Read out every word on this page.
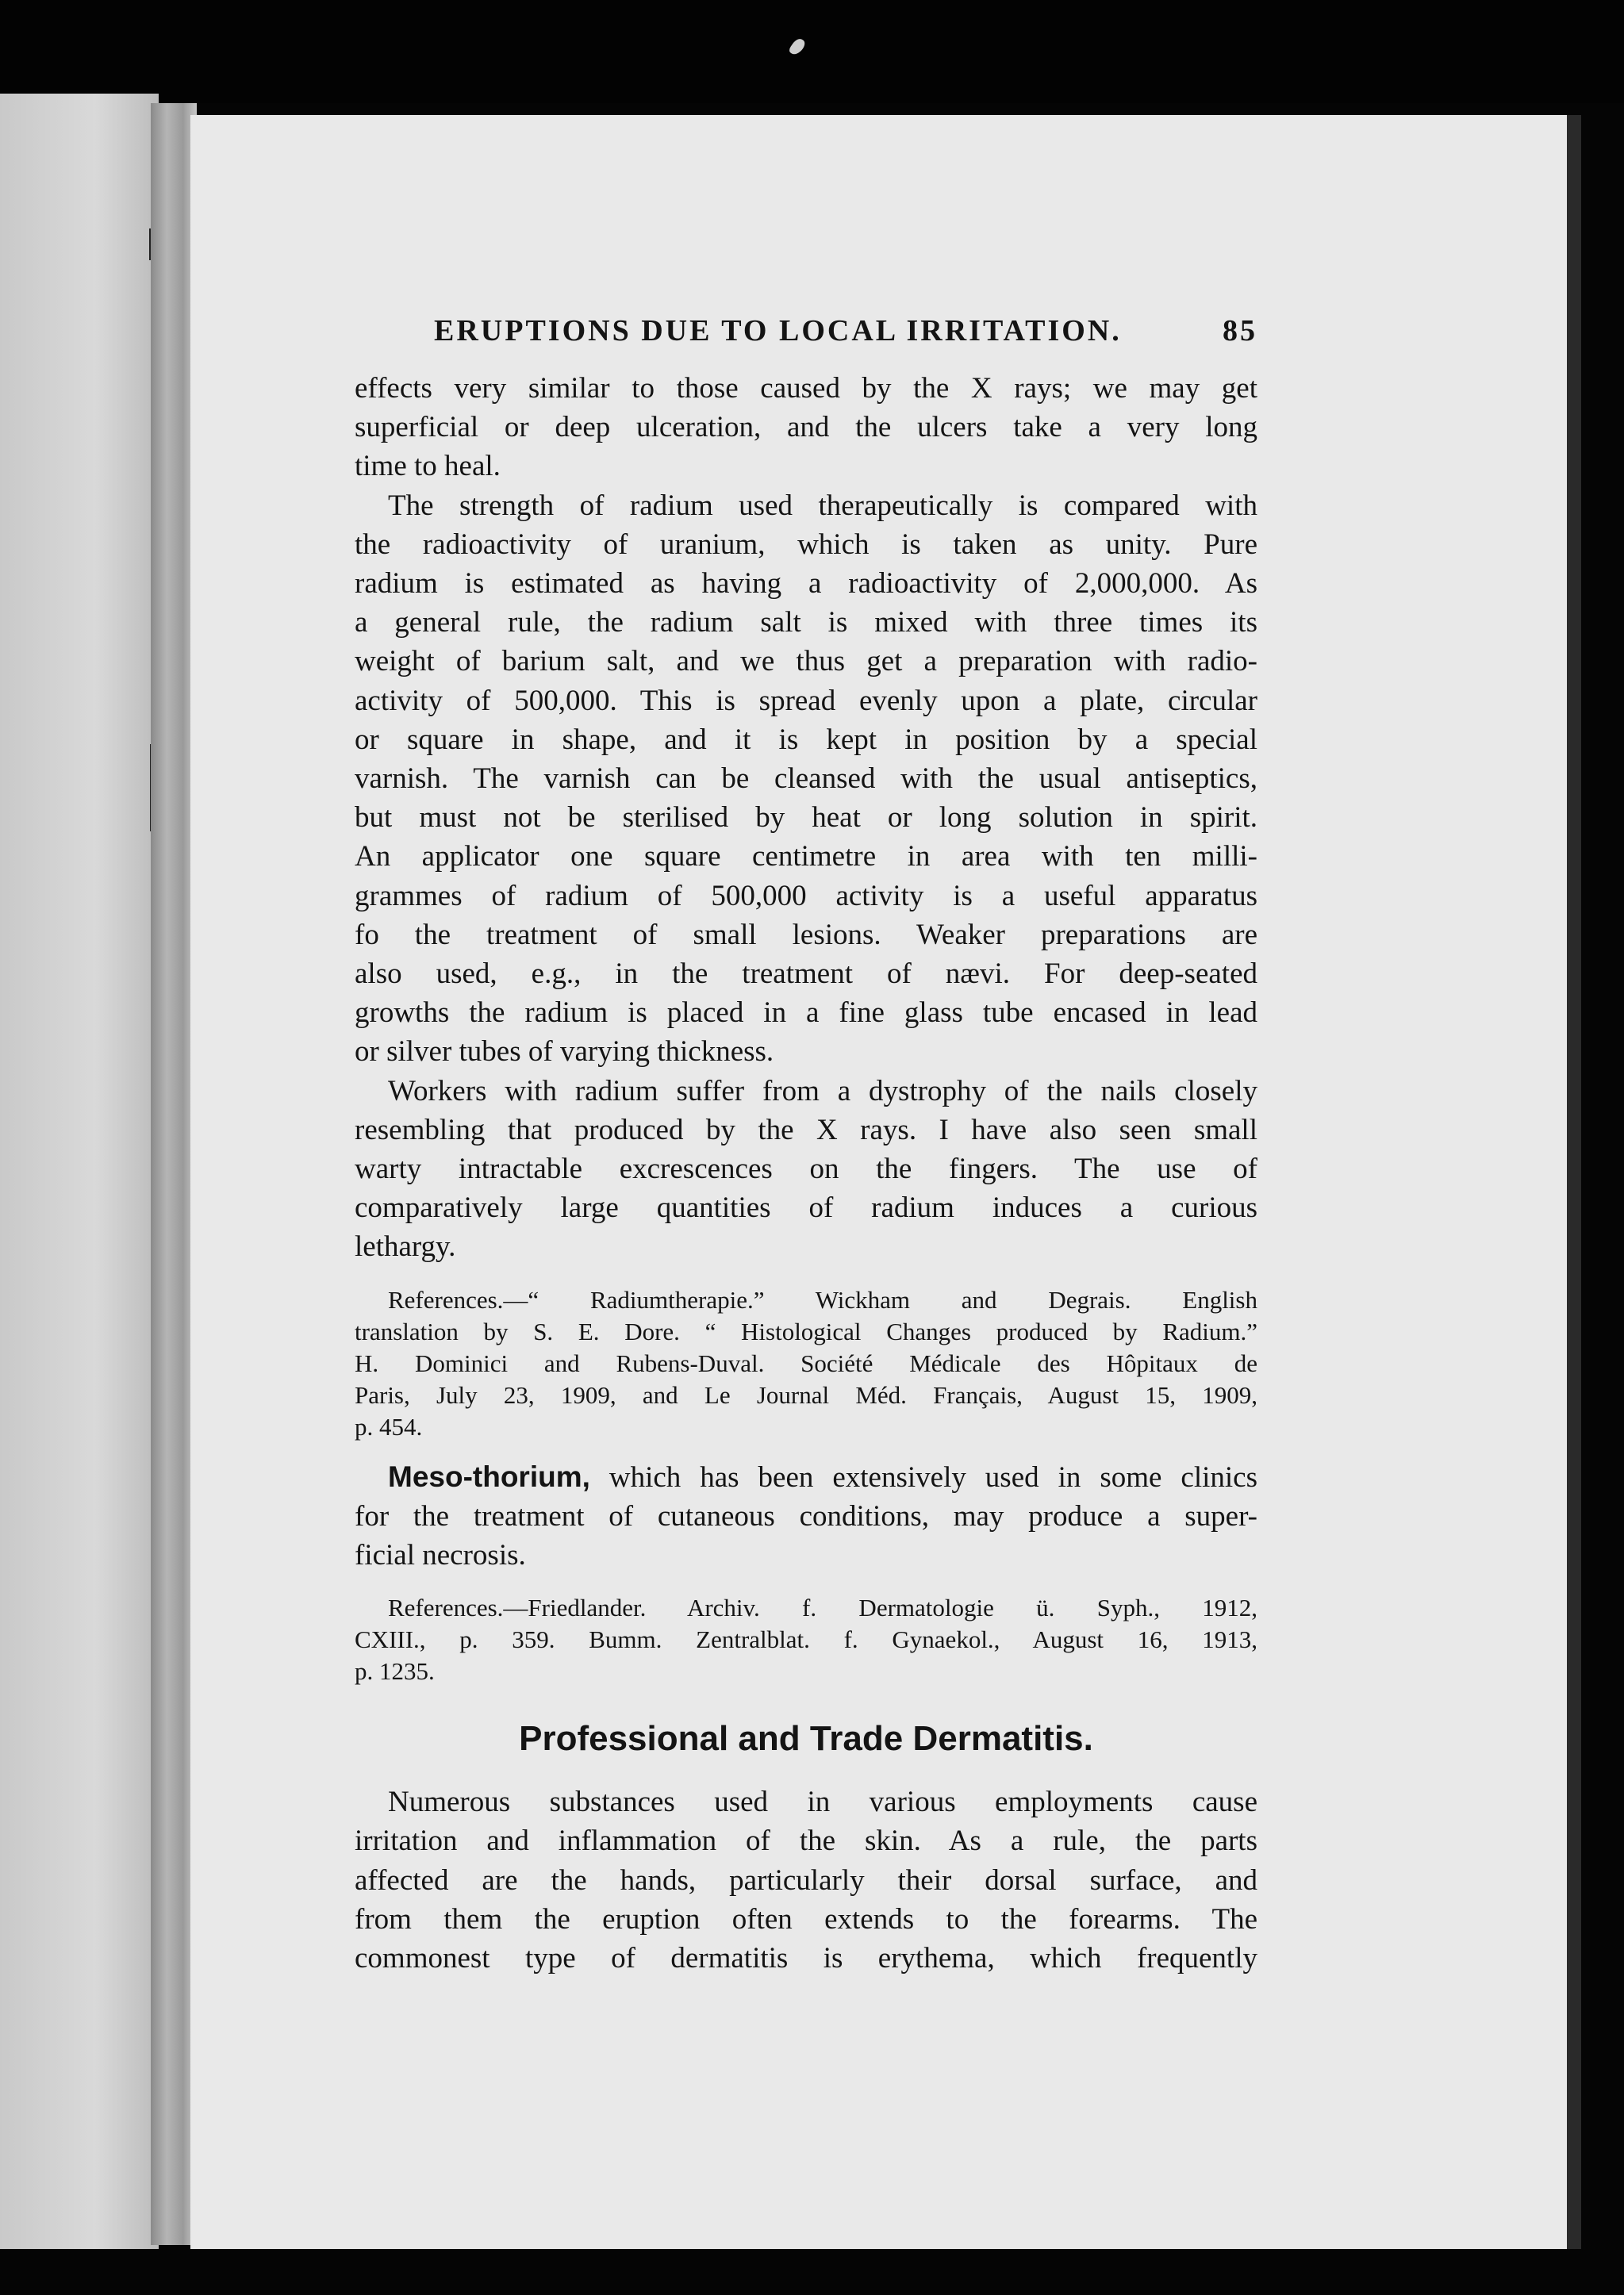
ERUPTIONS DUE TO LOCAL IRRITATION.	85

effects very similar to those caused by the X rays; we may get
superficial or deep ulceration, and the ulcers take a very long
time to heal.

The strength of radium used therapeutically is compared with
the radioactivity of uranium, which is taken as unity. Pure
radium is estimated as having a radioactivity of 2,000,000. As
a general rule, the radium salt is mixed with three times its
weight of barium salt, and we thus get a preparation with radio-
activity of 500,000. This is spread evenly upon a plate, circular
or square in shape, and it is kept in position by a special
varnish. The varnish can be cleansed with the usual antiseptics,
but must not be sterilised by heat or long solution in spirit.
An applicator one square centimetre in area with ten milli-
grammes of radium of 500,000 activity is a useful apparatus
fo the treatment of small lesions. Weaker preparations are
also used, e.g., in the treatment of nævi. For deep-seated
growths the radium is placed in a fine glass tube encased in lead
or silver tubes of varying thickness.

Workers with radium suffer from a dystrophy of the nails closely
resembling that produced by the X rays. I have also seen small
warty intractable excrescences on the fingers. The use of
comparatively large quantities of radium induces a curious
lethargy.

References.—“ Radiumtherapie.” Wickham and Degrais. English
translation by S. E. Dore. “ Histological Changes produced by Radium.”
H. Dominici and Rubens-Duval. Société Médicale des Hôpitaux de
Paris, July 23, 1909, and Le Journal Méd. Français, August 15, 1909,
p. 454.

Meso-thorium, which has been extensively used in some clinics
for the treatment of cutaneous conditions, may produce a super-
ficial necrosis.

References.—Friedlander. Archiv. f. Dermatologie ü. Syph., 1912,
CXIII., p. 359. Bumm. Zentralblat. f. Gynaekol., August 16, 1913,
p. 1235.
Professional and Trade Dermatitis.

Numerous substances used in various employments cause
irritation and inflammation of the skin. As a rule, the parts
affected are the hands, particularly their dorsal surface, and
from them the eruption often extends to the forearms. The
commonest type of dermatitis is erythema, which frequently
